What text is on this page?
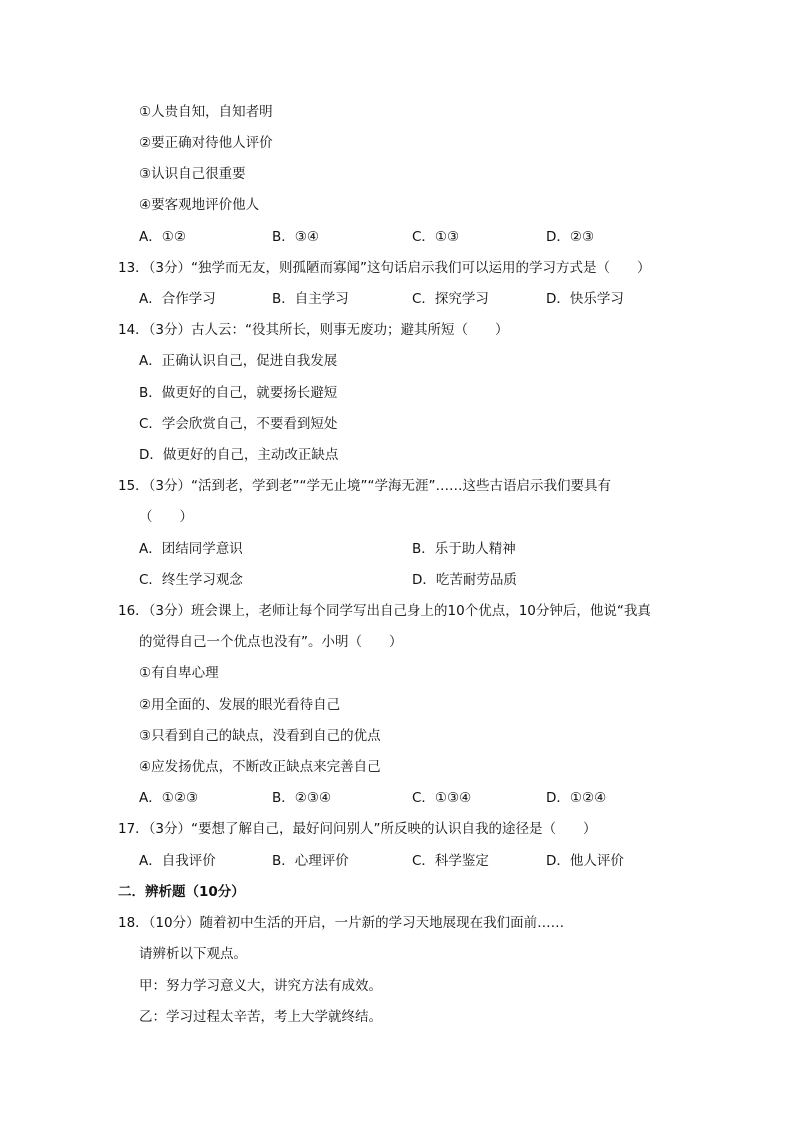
①人贵自知，自知者明
②要正确对待他人评价
③认识自己很重要
④要客观地评价他人
A．①②	B．③④	C．①③	D．②③
13．（3分）“独学而无友，则孤陋而寡闻”这句话启示我们可以运用的学习方式是（　　）
A．合作学习	B．自主学习	C．探究学习	D．快乐学习
14．（3分）古人云：“役其所长，则事无废功；避其所短（　　）
A．正确认识自己，促进自我发展
B．做更好的自己，就要扬长避短
C．学会欣赏自己，不要看到短处
D．做更好的自己，主动改正缺点
15．（3分）“活到老，学到老”“学无止境”“学海无涯”……这些古语启示我们要具有
（　　）
A．团结同学意识	B．乐于助人精神
C．终生学习观念	D．吃苦耐劳品质
16．（3分）班会课上，老师让每个同学写出自己身上的10个优点，10分钟后，他说“我真
的觉得自己一个优点也没有”。小明（　　）
①有自卑心理
②用全面的、发展的眼光看待自己
③只看到自己的缺点，没看到自己的优点
④应发扬优点，不断改正缺点来完善自己
A．①②③	B．②③④	C．①③④	D．①②④
17．（3分）“要想了解自己，最好问问别人”所反映的认识自我的途径是（　　）
A．自我评价	B．心理评价	C．科学鉴定	D．他人评价
二．辨析题（10分）
18．（10分）随着初中生活的开启，一片新的学习天地展现在我们面前……
请辨析以下观点。
甲：努力学习意义大，讲究方法有成效。
乙：学习过程太辛苦，考上大学就终结。
